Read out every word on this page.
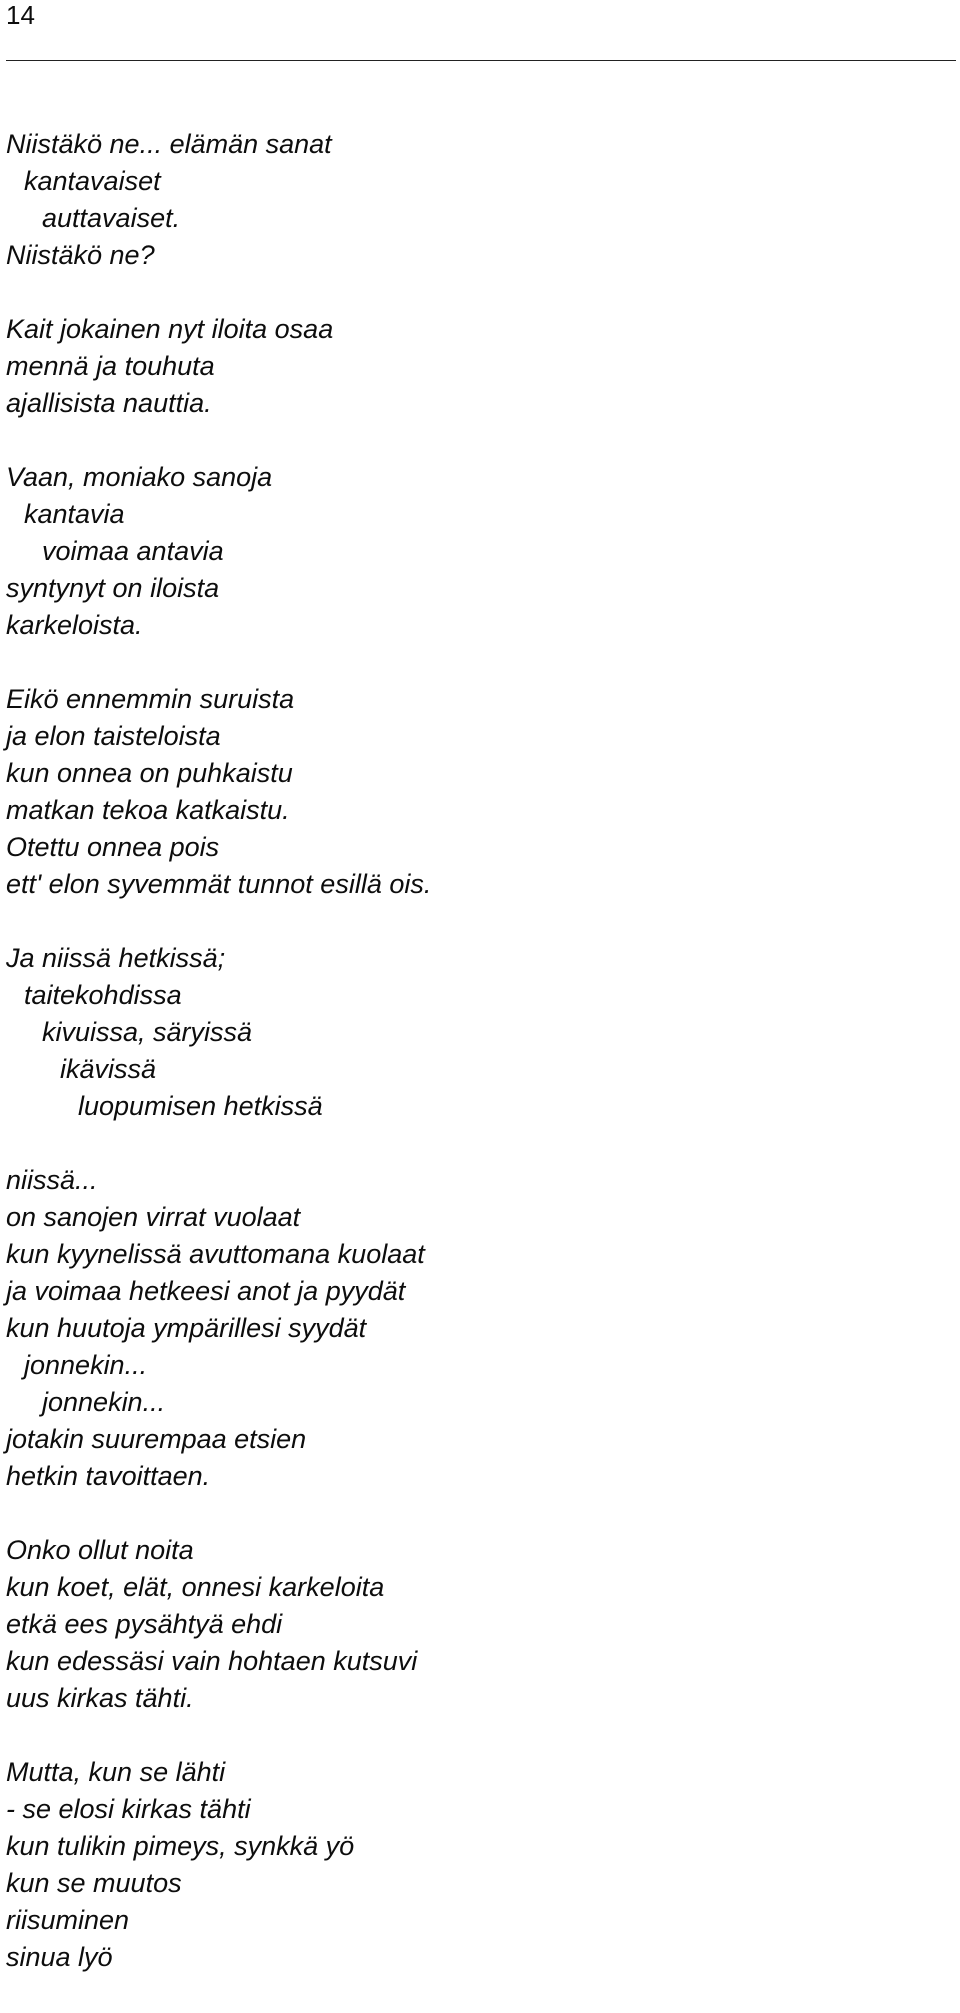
14
Niistäkö ne... elämän sanat
kantavaiset
auttavaiset.
Niistäkö ne?
Kait jokainen nyt iloita osaa
mennä ja touhuta
ajallisista nauttia.
Vaan, moniako sanoja
kantavia
voimaa antavia
syntynyt on iloista
karkeloista.
Eikö ennemmin suruista
ja elon taisteloista
kun onnea on puhkaistu
matkan tekoa katkaistu.
Otettu onnea pois
ett' elon syvemmät tunnot esillä ois.
Ja niissä hetkissä;
taitekohdissa
kivuissa, säryissä
ikävissä
luopumisen hetkissä
niissä...
on sanojen virrat vuolaat
kun kyynelissä avuttomana kuolaat
ja voimaa hetkeesi anot ja pyydät
kun huutoja ympärillesi syydät
jonnekin...
jonnekin...
jotakin suurempaa etsien
hetkin tavoittaen.
Onko ollut noita
kun koet, elät, onnesi karkeloita
etkä ees pysähtyä ehdi
kun edessäsi vain hohtaen kutsuvi
uus kirkas tähti.
Mutta, kun se lähti
- se elosi kirkas tähti
kun tulikin pimeys, synkkä yö
kun se muutos
riisuminen
sinua lyö
